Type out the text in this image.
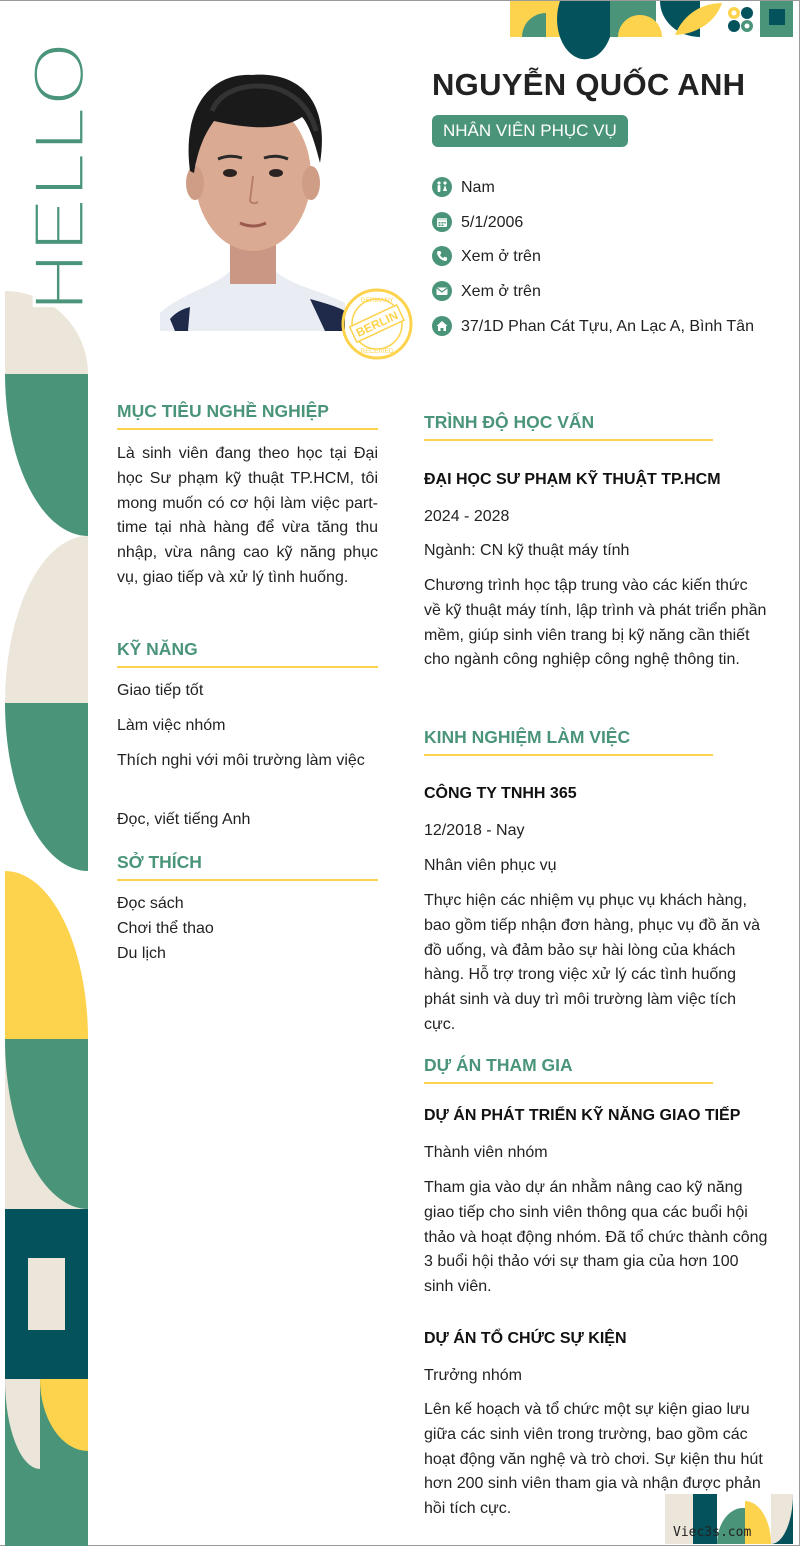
HELLO	GERMANY
BERLIN
RECEIVED
NGUYỄN QUỐC ANH
NHÂN VIÊN PHỤC VỤ
Nam
5/1/2006
Xem ở trên
Xem ở trên
37/1D Phan Cát Tựu, An Lạc A, Bình Tân
MỤC TIÊU NGHỀ NGHIỆP
Là sinh viên đang theo học tại Đại học Sư phạm kỹ thuật TP.HCM, tôi mong muốn có cơ hội làm việc part-time tại nhà hàng để vừa tăng thu nhập, vừa nâng cao kỹ năng phục vụ, giao tiếp và xử lý tình huống.
KỸ NĂNG
Giao tiếp tốt
Làm việc nhóm
Thích nghi với môi trường làm việc
Đọc, viết tiếng Anh
SỞ THÍCH
Đọc sách
Chơi thể thao
Du lịch
TRÌNH ĐỘ HỌC VẤN
ĐẠI HỌC SƯ PHẠM KỸ THUẬT TP.HCM
2024 - 2028
Ngành: CN kỹ thuật máy tính
Chương trình học tập trung vào các kiến thức về kỹ thuật máy tính, lập trình và phát triển phần mềm, giúp sinh viên trang bị kỹ năng cần thiết cho ngành công nghiệp công nghệ thông tin.
KINH NGHIỆM LÀM VIỆC
CÔNG TY TNHH 365
12/2018 - Nay
Nhân viên phục vụ
Thực hiện các nhiệm vụ phục vụ khách hàng, bao gồm tiếp nhận đơn hàng, phục vụ đồ ăn và đồ uống, và đảm bảo sự hài lòng của khách hàng. Hỗ trợ trong việc xử lý các tình huống phát sinh và duy trì môi trường làm việc tích cực.
DỰ ÁN THAM GIA
DỰ ÁN PHÁT TRIỂN KỸ NĂNG GIAO TIẾP
Thành viên nhóm
Tham gia vào dự án nhằm nâng cao kỹ năng giao tiếp cho sinh viên thông qua các buổi hội thảo và hoạt động nhóm. Đã tổ chức thành công 3 buổi hội thảo với sự tham gia của hơn 100 sinh viên.
DỰ ÁN TỔ CHỨC SỰ KIỆN
Trưởng nhóm
Lên kế hoạch và tổ chức một sự kiện giao lưu giữa các sinh viên trong trường, bao gồm các hoạt động văn nghệ và trò chơi. Sự kiện thu hút hơn 200 sinh viên tham gia và nhận được phản hồi tích cực.
Viec3s.com
